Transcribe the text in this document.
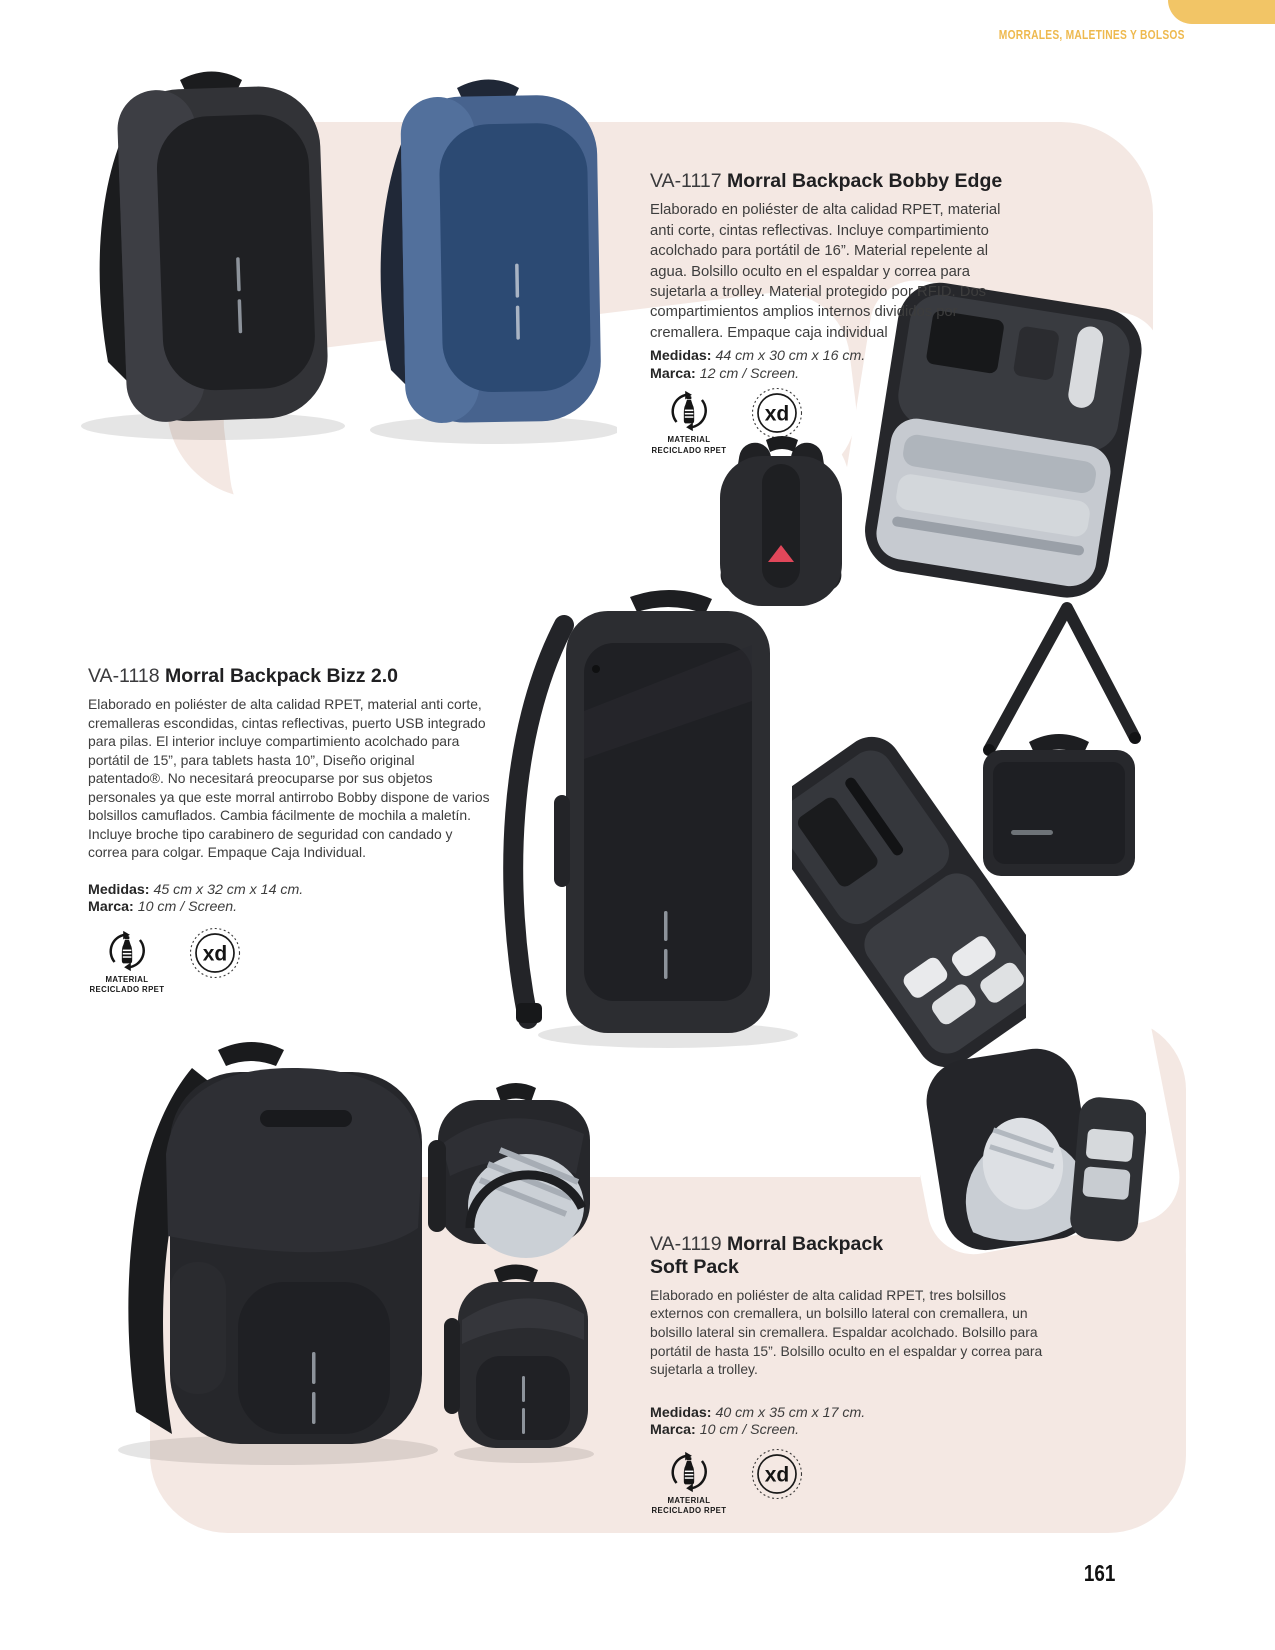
MORRALES, MALETINES Y BOLSOS
VA-1117 Morral Backpack Bobby Edge

Elaborado en poliéster de alta calidad RPET, material anti corte, cintas reflectivas. Incluye compartimiento acolchado para portátil de 16”. Material repelente al agua. Bolsillo oculto en el espaldar y correa para sujetarla a trolley. Material protegido por RFID. Dos compartimientos amplios internos divididos por cremallera. Empaque caja individual

Medidas: 44 cm x 30 cm x 16 cm.
Marca: 12 cm / Screen.
MATERIAL
RECICLADO RPET
xd
VA-1118 Morral Backpack Bizz 2.0

Elaborado en poliéster de alta calidad RPET, material anti corte, cremalleras escondidas, cintas reflectivas, puerto USB integrado para pilas. El interior incluye compartimiento acolchado para portátil de 15”, para tablets hasta 10”, Diseño original patentado®. No necesitará preocuparse por sus objetos personales ya que este morral antirrobo Bobby dispone de varios bolsillos camuflados. Cambia fácilmente de mochila a maletín. Incluye broche tipo carabinero de seguridad con candado y correa para colgar. Empaque Caja Individual.

Medidas: 45 cm x 32 cm x 14 cm.
Marca: 10 cm / Screen.
MATERIAL
RECICLADO RPET
xd
VA-1119 Morral Backpack Soft Pack

Elaborado en poliéster de alta calidad RPET, tres bolsillos externos con cremallera, un bolsillo lateral con cremallera, un bolsillo lateral sin cremallera. Espaldar acolchado. Bolsillo para portátil de hasta 15”. Bolsillo oculto en el espaldar y correa para sujetarla a trolley.

Medidas: 40 cm x 35 cm x 17 cm.
Marca: 10 cm / Screen.
MATERIAL
RECICLADO RPET
xd
161
